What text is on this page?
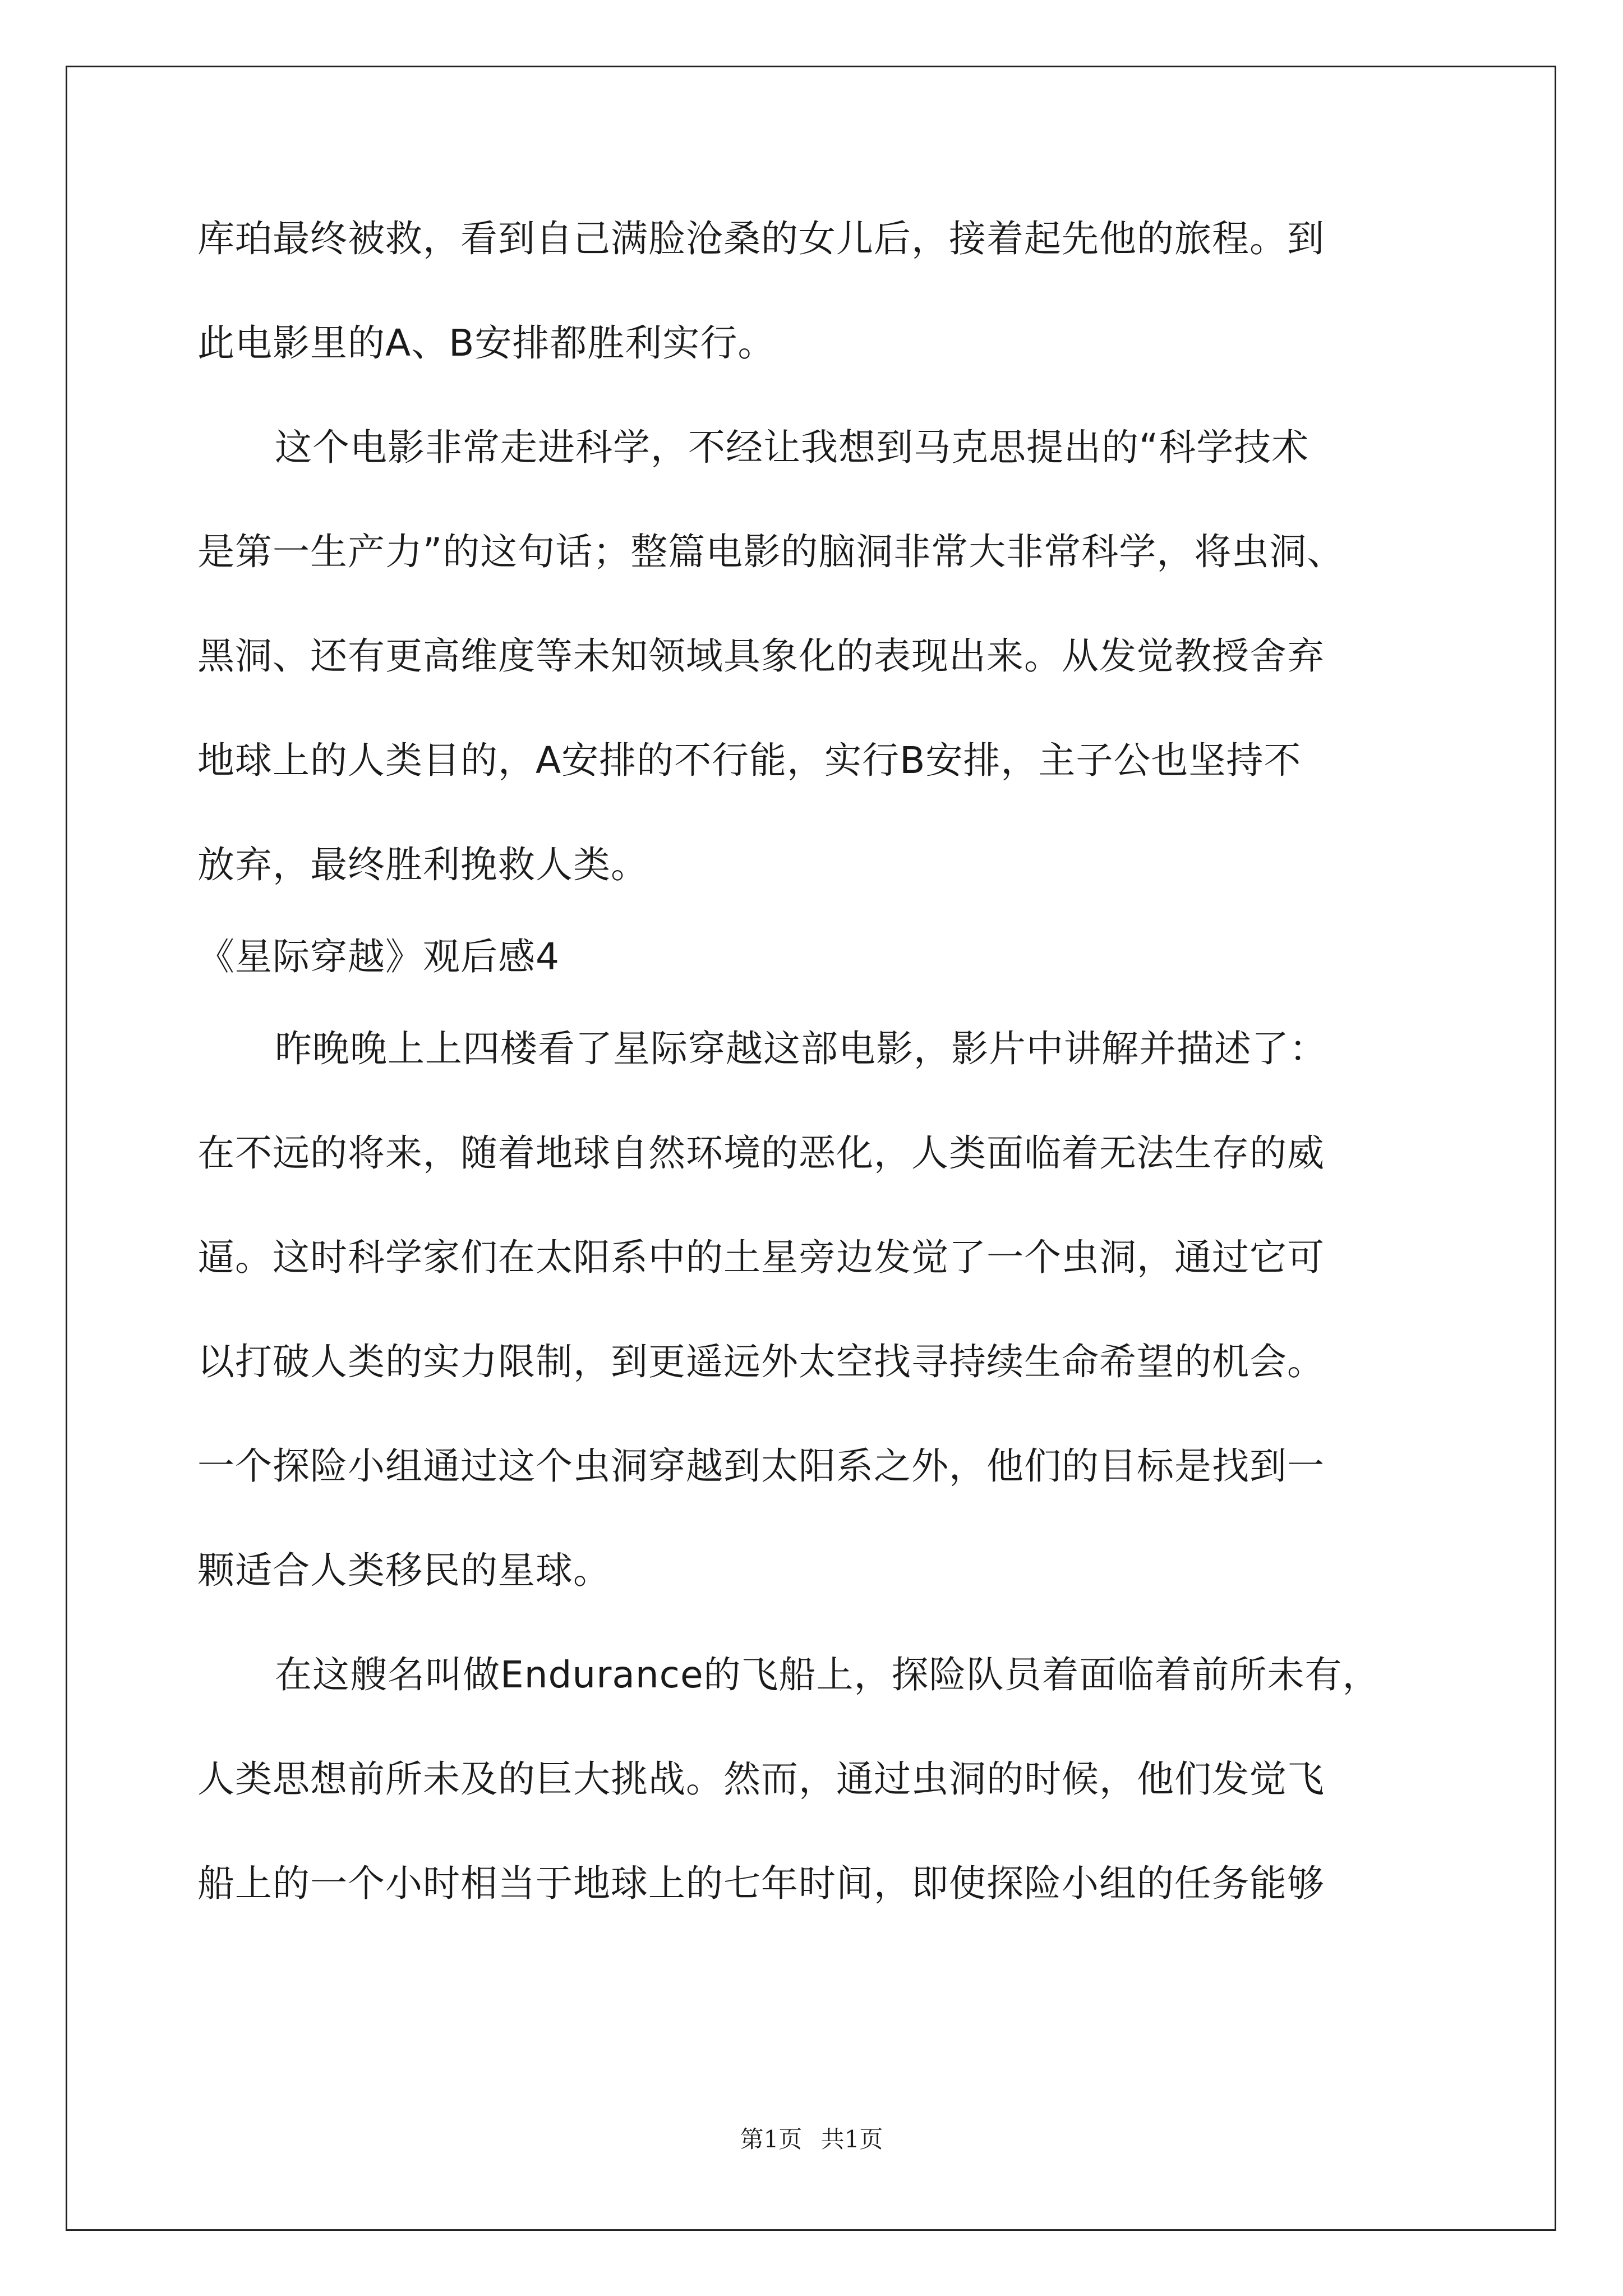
库珀最终被救，看到自己满脸沧桑的女儿后，接着起先他的旅程。到
此电影里的A、B安排都胜利实行。
这个电影非常走进科学，不经让我想到马克思提出的“科学技术
是第一生产力”的这句话；整篇电影的脑洞非常大非常科学，将虫洞、
黑洞、还有更高维度等未知领域具象化的表现出来。从发觉教授舍弃
地球上的人类目的，A安排的不行能，实行B安排，主子公也坚持不
放弃，最终胜利挽救人类。
《星际穿越》观后感4
昨晚晚上上四楼看了星际穿越这部电影，影片中讲解并描述了：
在不远的将来，随着地球自然环境的恶化，人类面临着无法生存的威
逼。这时科学家们在太阳系中的土星旁边发觉了一个虫洞，通过它可
以打破人类的实力限制，到更遥远外太空找寻持续生命希望的机会。
一个探险小组通过这个虫洞穿越到太阳系之外，他们的目标是找到一
颗适合人类移民的星球。
在这艘名叫做Endurance的飞船上，探险队员着面临着前所未有，
人类思想前所未及的巨大挑战。然而，通过虫洞的时候，他们发觉飞
船上的一个小时相当于地球上的七年时间，即使探险小组的任务能够
第1页 共1页
